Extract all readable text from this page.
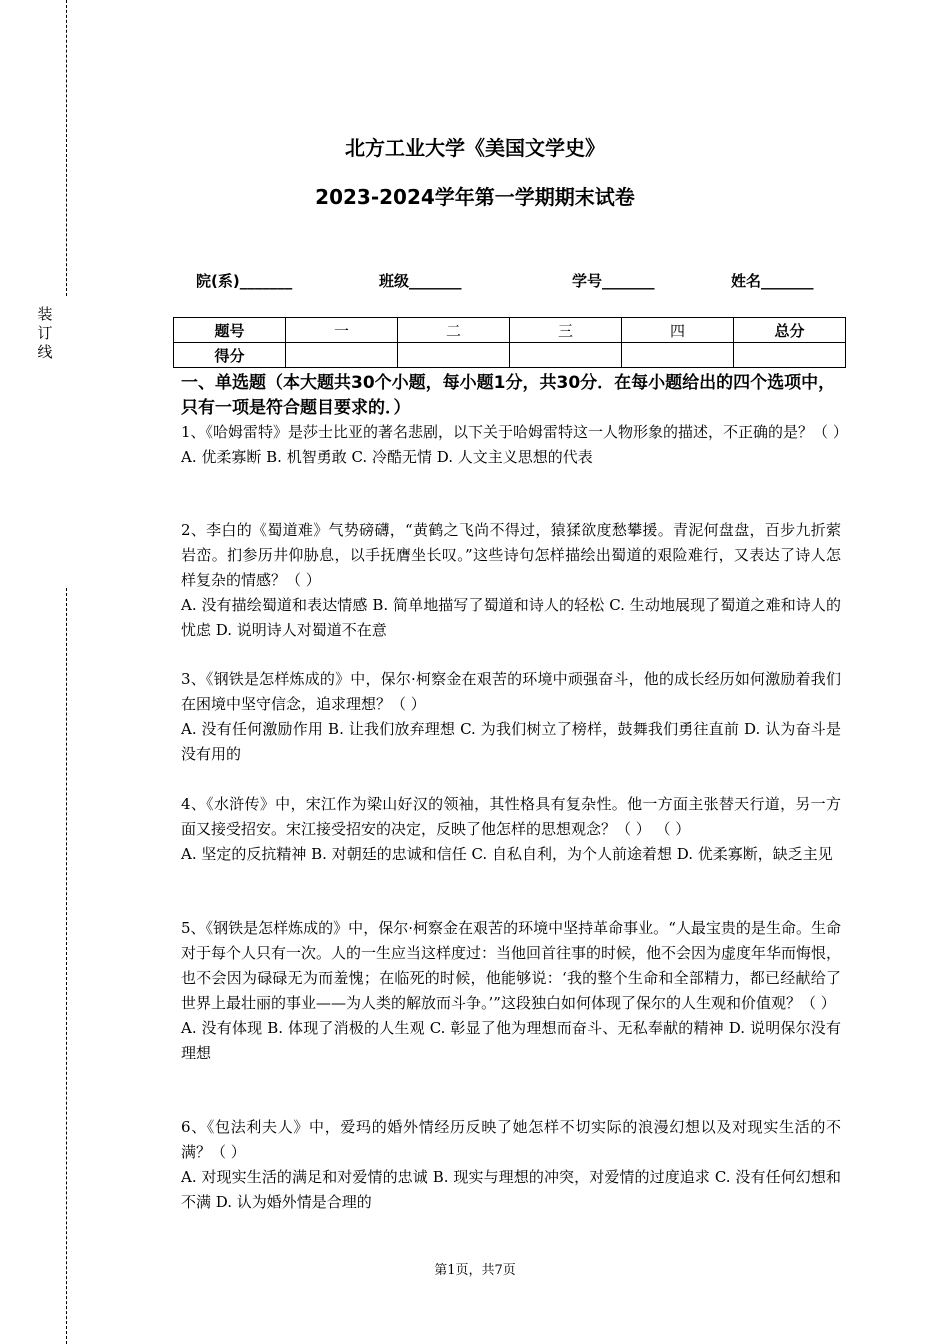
装
订
线
北方工业大学《美国文学史》
2023-2024学年第一学期期末试卷
院(系)_______	班级_______	学号_______	姓名_______
题号	一	二	三	四	总分
得分					
一、单选题（本大题共30个小题，每小题1分，共30分．在每小题给出的四个选项中，只有一项是符合题目要求的．）

1、《哈姆雷特》是莎士比亚的著名悲剧，以下关于哈姆雷特这一人物形象的描述，不正确的是？（ ）

A. 优柔寡断 B. 机智勇敢 C. 冷酷无情 D. 人文主义思想的代表

2、李白的《蜀道难》气势磅礴，“黄鹤之飞尚不得过，猿猱欲度愁攀援。青泥何盘盘，百步九折萦岩峦。扪参历井仰胁息，以手抚膺坐长叹。”这些诗句怎样描绘出蜀道的艰险难行，又表达了诗人怎样复杂的情感？（ ）

A. 没有描绘蜀道和表达情感 B. 简单地描写了蜀道和诗人的轻松 C. 生动地展现了蜀道之难和诗人的忧虑 D. 说明诗人对蜀道不在意

3、《钢铁是怎样炼成的》中，保尔·柯察金在艰苦的环境中顽强奋斗，他的成长经历如何激励着我们在困境中坚守信念，追求理想？（ ）

A. 没有任何激励作用 B. 让我们放弃理想 C. 为我们树立了榜样，鼓舞我们勇往直前 D. 认为奋斗是没有用的

4、《水浒传》中，宋江作为梁山好汉的领袖，其性格具有复杂性。他一方面主张替天行道，另一方面又接受招安。宋江接受招安的决定，反映了他怎样的思想观念？（ ） （ ）

A. 坚定的反抗精神 B. 对朝廷的忠诚和信任 C. 自私自利，为个人前途着想 D. 优柔寡断，缺乏主见

5、《钢铁是怎样炼成的》中，保尔·柯察金在艰苦的环境中坚持革命事业。“人最宝贵的是生命。生命对于每个人只有一次。人的一生应当这样度过：当他回首往事的时候，他不会因为虚度年华而悔恨，也不会因为碌碌无为而羞愧；在临死的时候，他能够说：‘我的整个生命和全部精力，都已经献给了世界上最壮丽的事业——为人类的解放而斗争。’”这段独白如何体现了保尔的人生观和价值观？（ ）

A. 没有体现 B. 体现了消极的人生观 C. 彰显了他为理想而奋斗、无私奉献的精神 D. 说明保尔没有理想

6、《包法利夫人》中，爱玛的婚外情经历反映了她怎样不切实际的浪漫幻想以及对现实生活的不满？（ ）

A. 对现实生活的满足和对爱情的忠诚 B. 现实与理想的冲突，对爱情的过度追求 C. 没有任何幻想和不满 D. 认为婚外情是合理的

第1页，共7页
